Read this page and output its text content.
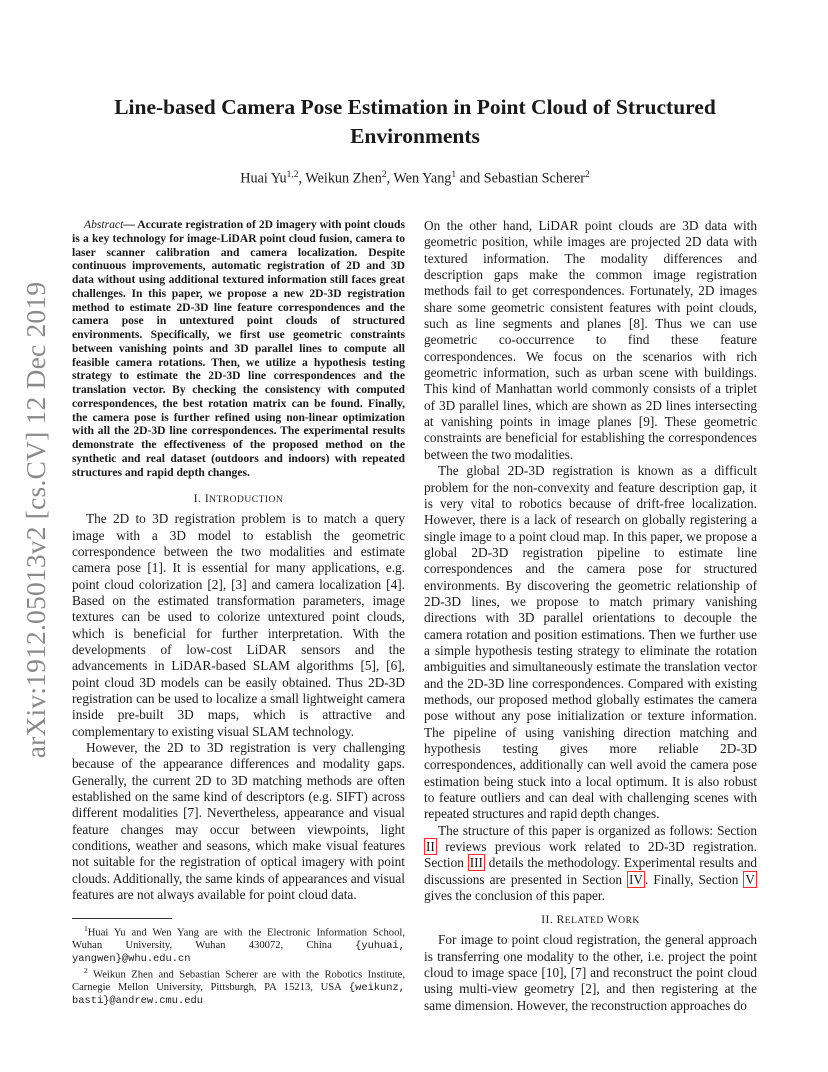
arXiv:1912.05013v2 [cs.CV] 12 Dec 2019
Line-based Camera Pose Estimation in Point Cloud of Structured Environments
Huai Yu$^{1,2}$, Weikun Zhen$^2$, Wen Yang$^1$ and Sebastian Scherer$^2$

Abstract— Accurate registration of 2D imagery with point clouds is a key technology for image-LiDAR point cloud fusion, camera to laser scanner calibration and camera localization. Despite continuous improvements, automatic registration of 2D and 3D data without using additional textured information still faces great challenges. In this paper, we propose a new 2D-3D registration method to estimate 2D-3D line feature correspondences and the camera pose in untextured point clouds of structured environments. Specifically, we first use geometric constraints between vanishing points and 3D parallel lines to compute all feasible camera rotations. Then, we utilize a hypothesis testing strategy to estimate the 2D-3D line correspondences and the translation vector. By checking the consistency with computed correspondences, the best rotation matrix can be found. Finally, the camera pose is further refined using non-linear optimization with all the 2D-3D line correspondences. The experimental results demonstrate the effectiveness of the proposed method on the synthetic and real dataset (outdoors and indoors) with repeated structures and rapid depth changes.

I. INTRODUCTION

The 2D to 3D registration problem is to match a query image with a 3D model to establish the geometric correspondence between the two modalities and estimate camera pose [1]. It is essential for many applications, e.g. point cloud colorization [2], [3] and camera localization [4]. Based on the estimated transformation parameters, image textures can be used to colorize untextured point clouds, which is beneficial for further interpretation. With the developments of low-cost LiDAR sensors and the advancements in LiDAR-based SLAM algorithms [5], [6], point cloud 3D models can be easily obtained. Thus 2D-3D registration can be used to localize a small lightweight camera inside pre-built 3D maps, which is attractive and complementary to existing visual SLAM technology.

However, the 2D to 3D registration is very challenging because of the appearance differences and modality gaps. Generally, the current 2D to 3D matching methods are often established on the same kind of descriptors (e.g. SIFT) across different modalities [7]. Nevertheless, appearance and visual feature changes may occur between viewpoints, light conditions, weather and seasons, which make visual features not suitable for the registration of optical imagery with point clouds. Additionally, the same kinds of appearances and visual features are not always available for point cloud data.

On the other hand, LiDAR point clouds are 3D data with geometric position, while images are projected 2D data with textured information. The modality differences and description gaps make the common image registration methods fail to get correspondences. Fortunately, 2D images share some geometric consistent features with point clouds, such as line segments and planes [8]. Thus we can use geometric co-occurrence to find these feature correspondences. We focus on the scenarios with rich geometric information, such as urban scene with buildings. This kind of Manhattan world commonly consists of a triplet of 3D parallel lines, which are shown as 2D lines intersecting at vanishing points in image planes [9]. These geometric constraints are beneficial for establishing the correspondences between the two modalities.

The global 2D-3D registration is known as a difficult problem for the non-convexity and feature description gap, it is very vital to robotics because of drift-free localization. However, there is a lack of research on globally registering a single image to a point cloud map. In this paper, we propose a global 2D-3D registration pipeline to estimate line correspondences and the camera pose for structured environments. By discovering the geometric relationship of 2D-3D lines, we propose to match primary vanishing directions with 3D parallel orientations to decouple the camera rotation and position estimations. Then we further use a simple hypothesis testing strategy to eliminate the rotation ambiguities and simultaneously estimate the translation vector and the 2D-3D line correspondences. Compared with existing methods, our proposed method globally estimates the camera pose without any pose initialization or texture information. The pipeline of using vanishing direction matching and hypothesis testing gives more reliable 2D-3D correspondences, additionally can well avoid the camera pose estimation being stuck into a local optimum. It is also robust to feature outliers and can deal with challenging scenes with repeated structures and rapid depth changes.

The structure of this paper is organized as follows: Section II reviews previous work related to 2D-3D registration. Section III details the methodology. Experimental results and discussions are presented in Section IV . Finally, Section V gives the conclusion of this paper.

II. RELATED WORK

For image to point cloud registration, the general approach is transferring one modality to the other, i.e. project the point cloud to image space [10], [7] and reconstruct the point cloud using multi-view geometry [2], and then registering at the same dimension. However, the reconstruction approaches do

$^1$Huai Yu and Wen Yang are with the Electronic Information School, Wuhan University, Wuhan 430072, China {yuhuai, yangwen}@whu.edu.cn

$^2$ Weikun Zhen and Sebastian Scherer are with the Robotics Institute, Carnegie Mellon University, Pittsburgh, PA 15213, USA {weikunz, basti}@andrew.cmu.edu
